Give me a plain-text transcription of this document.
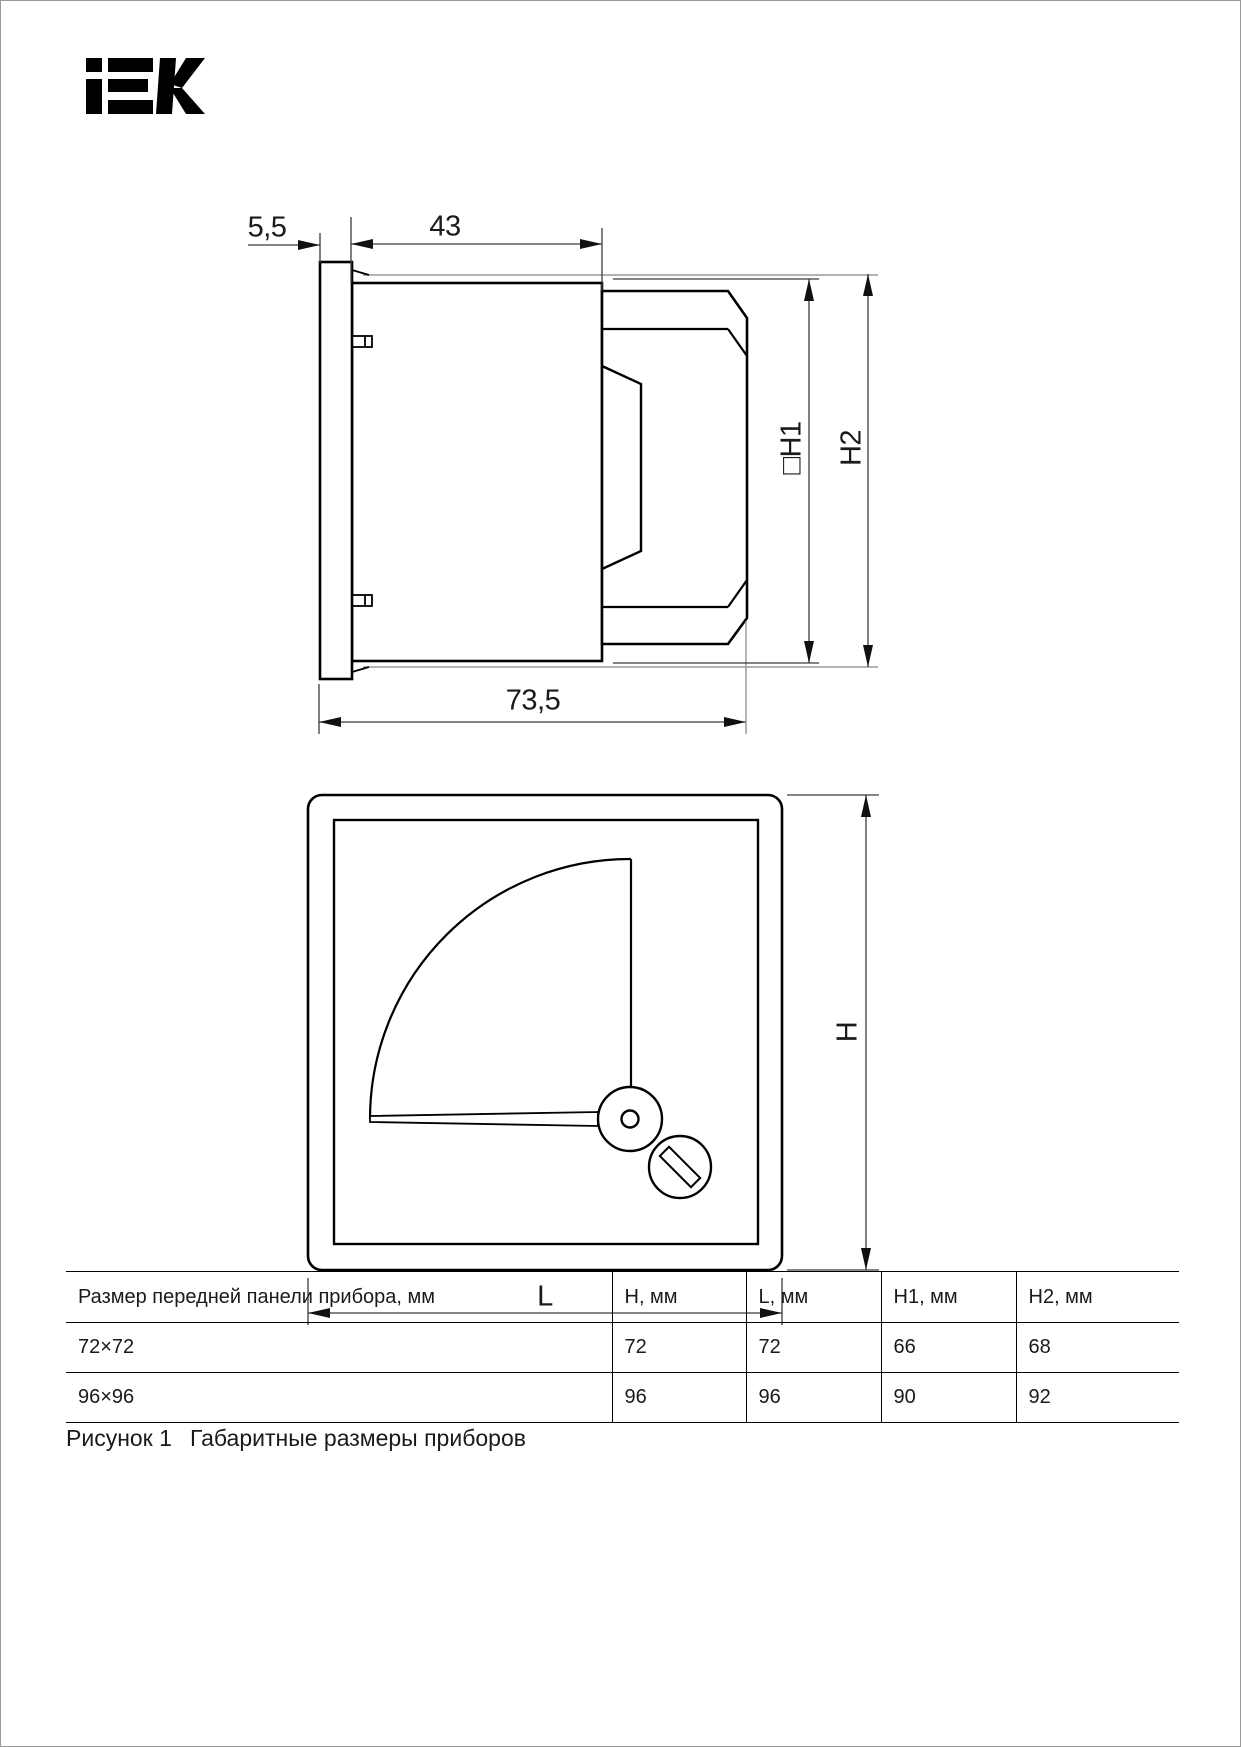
5,5	43
73,5
□H1 H2
H
L
Размер передней панели прибора, мм	H, мм	L, мм	H1, мм	H2, мм
72×72	72	72	66	68
96×96	96	96	90	92
Рисунок 1 Габаритные размеры приборов
